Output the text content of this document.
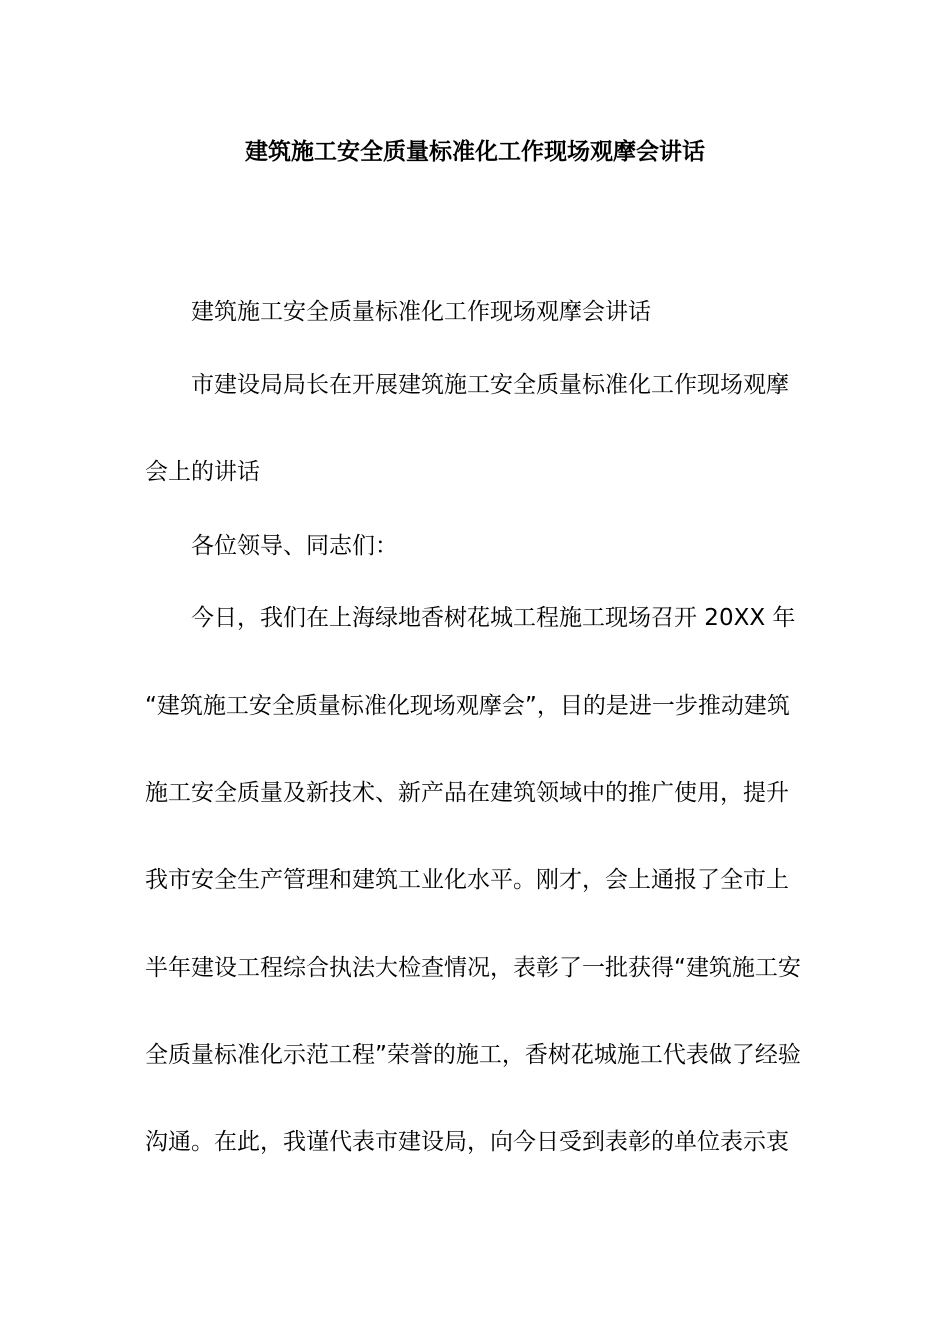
建筑施工安全质量标准化工作现场观摩会讲话
建筑施工安全质量标准化工作现场观摩会讲话
市建设局局长在开展建筑施工安全质量标准化工作现场观摩
会上的讲话
各位领导、同志们：
今日，我们在上海绿地香树花城工程施工现场召开 20XX 年
“建筑施工安全质量标准化现场观摩会”，目的是进一步推动建筑
施工安全质量及新技术、新产品在建筑领域中的推广使用，提升
我市安全生产管理和建筑工业化水平。刚才，会上通报了全市上
半年建设工程综合执法大检查情况，表彰了一批获得“建筑施工安
全质量标准化示范工程”荣誉的施工，香树花城施工代表做了经验
沟通。在此，我谨代表市建设局，向今日受到表彰的单位表示衷
